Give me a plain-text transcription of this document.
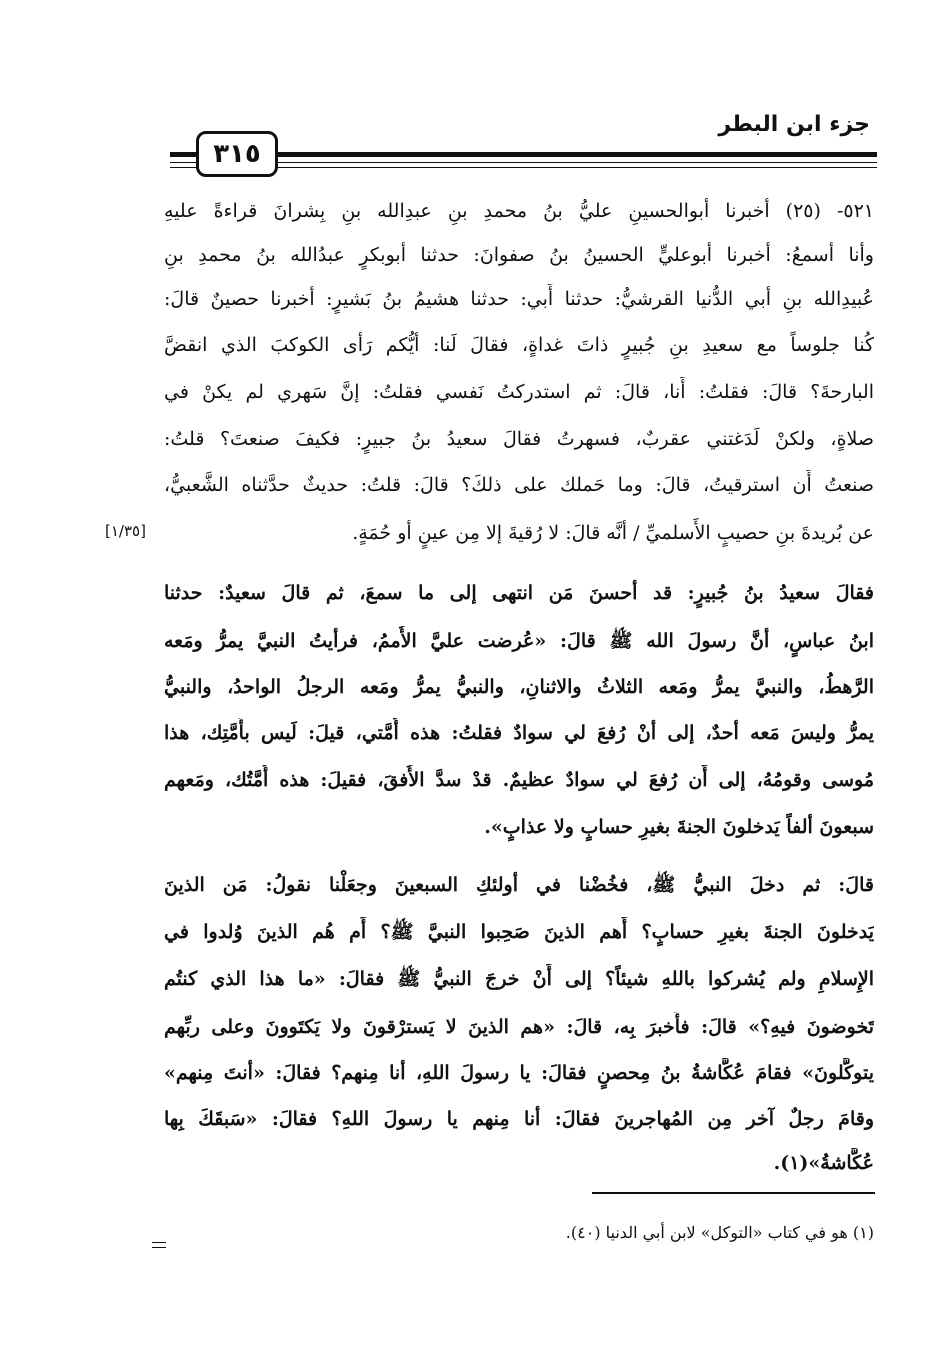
جزء ابن البطر
٣١٥
٥٢١- (٢٥) أخبرنا أبوالحسينِ عليُّ بنُ محمدِ بنِ عبدِالله بنِ بِشرانَ قراءةً عليهِ
وأنا أسمعُ: أخبرنا أبوعليٍّ الحسينُ بنُ صفوانَ: حدثنا أبوبكرٍ عبدُالله بنُ محمدِ بنِ
عُبيدِالله بنِ أبي الدُّنيا القرشيُّ: حدثنا أَبي: حدثنا هشيمُ بنُ بَشيرٍ: أخبرنا حصينٌ قالَ:
كُنا جلوساً مع سعيدِ بنِ جُبيرٍ ذاتَ غداةٍ، فقالَ لَنا: أيُّكم رَأى الكوكبَ الذي انقضَّ
البارحةَ؟ قالَ: فقلتُ: أَنا، قالَ: ثم استدركتُ نَفسي فقلتُ: إنَّ سَهري لم يكنْ في
صلاةٍ، ولكنْ لَدَغتني عقربٌ، فسهرتُ فقالَ سعيدُ بنُ جبيرٍ: فكيفَ صنعتَ؟ قلتُ:
صنعتُ أَن استرقيتُ، قالَ: وما حَملك على ذلكَ؟ قالَ: قلتُ: حديثٌ حدَّثناه الشَّعبيُّ،
عن بُريدةَ بنِ حصيبٍ الأَسلميِّ / أنَّه قالَ: لا رُقيةَ إلا مِن عينٍ أو حُمَةٍ.
[١/٣٥]
فقالَ سعيدُ بنُ جُبيرٍ: قد أحسنَ مَن انتهى إلى ما سمعَ، ثم قالَ سعيدٌ: حدثنا
ابنُ عباسٍ، أنَّ رسولَ الله ﷺ قالَ: «عُرضت عليَّ الأُممُ، فرأيتُ النبيَّ يمرُّ ومَعه
الرَّهطُ، والنبيَّ يمرُّ ومَعه الثلاثُ والاثنانِ، والنبيُّ يمرُّ ومَعه الرجلُ الواحدُ، والنبيُّ
يمرُّ وليسَ مَعه أحدٌ، إلى أنْ رُفعَ لي سوادٌ فقلتُ: هذه أُمَّتي، قيلَ: لَيس بأُمَّتِك، هذا
مُوسى وقومُهُ، إلى أَن رُفعَ لي سوادٌ عظيمٌ. قدْ سدَّ الأُفقَ، فقيلَ: هذه أُمَّتُك، ومَعهم
سبعونَ ألفاً يَدخلونَ الجنةَ بغيرِ حسابٍ ولا عذابٍ».
قالَ: ثم دخلَ النبيُّ ﷺ، فخُضْنا في أولئكِ السبعينَ وجعَلْنا نقولُ: مَن الذينَ
يَدخلونَ الجنةَ بغيرِ حسابٍ؟ أَهم الذينَ صَحِبوا النبيَّ ﷺ؟ أَم هُم الذينَ وُلدوا في
الإِسلامِ ولم يُشركوا باللهِ شيئاً؟ إلى أَنْ خرجَ النبيُّ ﷺ فقالَ: «ما هذا الذي كنتُم
تَخوضونَ فيهِ؟» قالَ: فأُخبرَ بِه، قالَ: «هم الذينَ لا يَسترْقونَ ولا يَكتَوونَ وعلى ربِّهم
يتوكَّلونَ» فقامَ عُكَّاشةُ بنُ مِحصنٍ فقالَ: يا رسولَ اللهِ، أنا مِنهم؟ فقالَ: «أنتَ مِنهم»
وقامَ رجلٌ آخر مِن المُهاجرينَ فقالَ: أنا مِنهم يا رسولَ اللهِ؟ فقالَ: «سَبقَكَ بِها
عُكَّاشةُ»(١).
(١) هو في كتاب «التوكل» لابن أبي الدنيا (٤٠).
